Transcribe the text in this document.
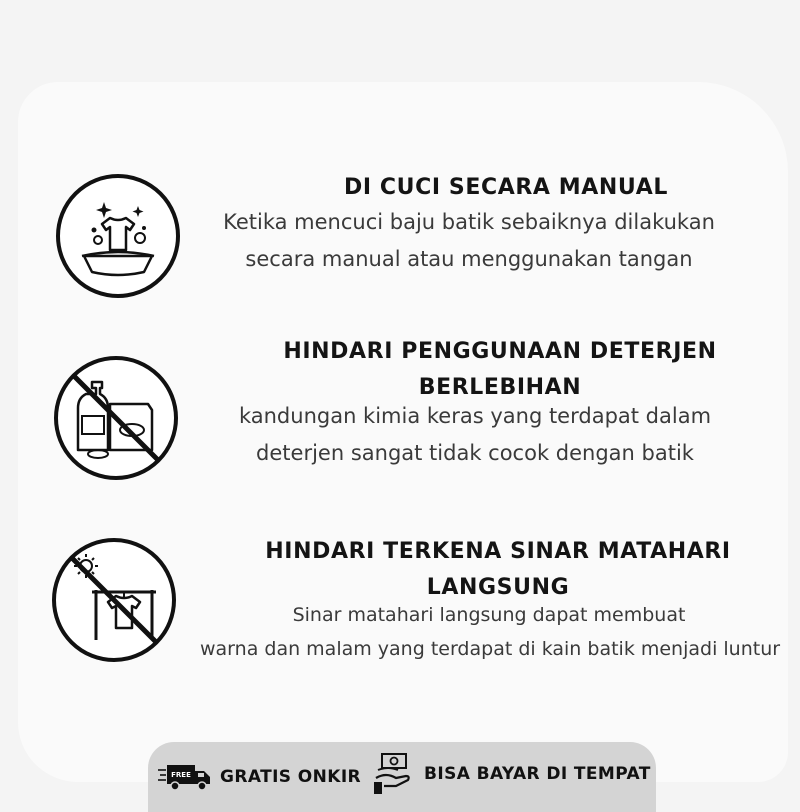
DI CUCI SECARA MANUAL
Ketika mencuci baju batik sebaiknya dilakukan
secara manual atau menggunakan tangan
HINDARI PENGGUNAAN DETERJEN
BERLEBIHAN
kandungan kimia keras yang terdapat dalam
deterjen sangat tidak cocok dengan batik
HINDARI TERKENA SINAR MATAHARI
LANGSUNG
Sinar matahari langsung dapat membuat
warna dan malam yang terdapat di kain batik menjadi luntur
FREE GRATIS ONKIR	BISA BAYAR DI TEMPAT
